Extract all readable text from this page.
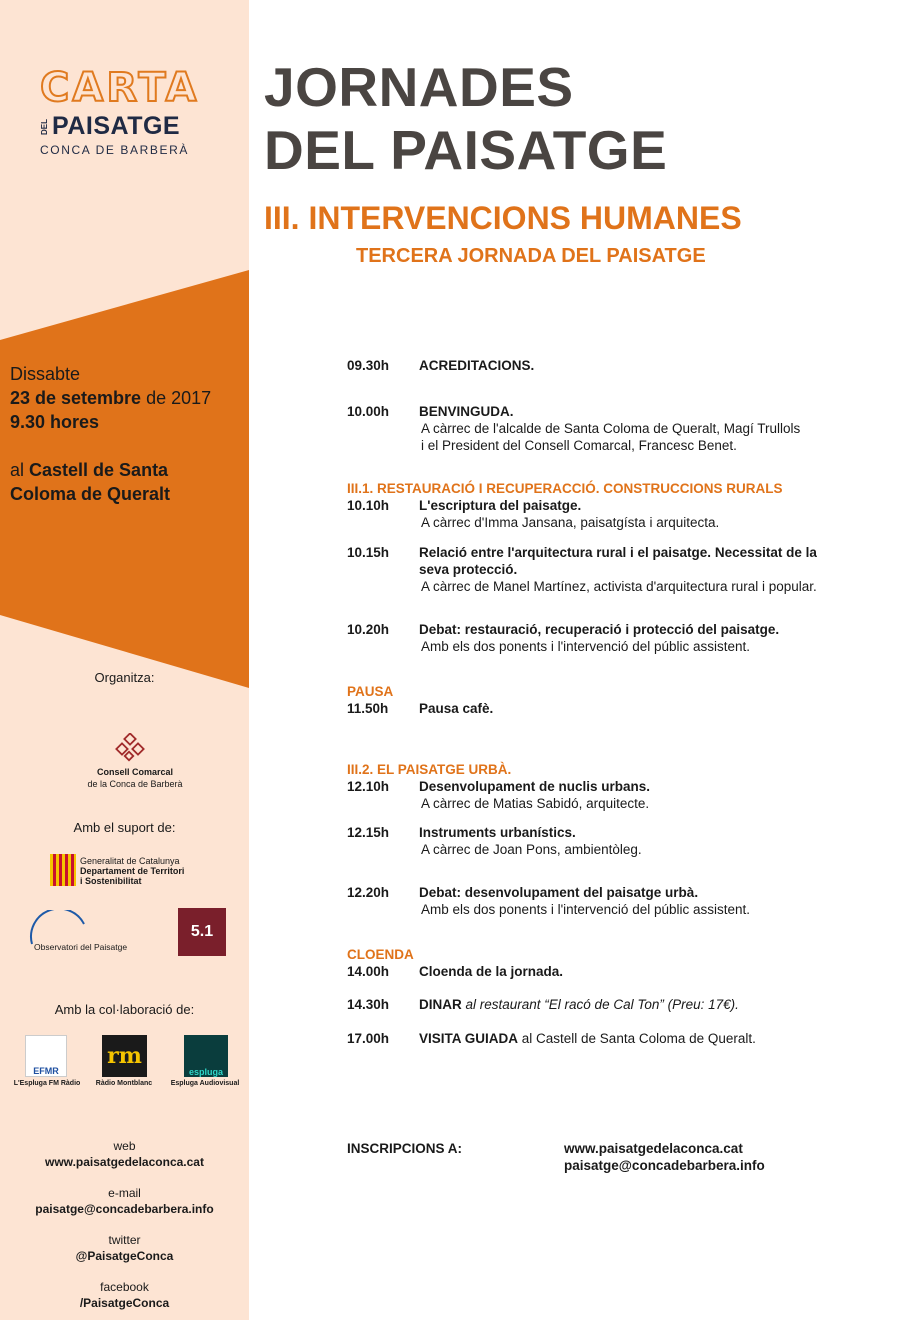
CARTA
DEL PAISATGE
CONCA DE BARBERÀ
Dissabte
23 de setembre de 2017
9.30 hores
al Castell de Santa
Coloma de Queralt
Organitza:
Consell Comarcal
de la Conca de Barberà
Amb el suport de:
Generalitat de Catalunya
Departament de Territori
i Sostenibilitat
Observatori del Paisatge
5.1
Amb la col·laboració de:
EFMR
rm
espluga
L'Espluga FM Ràdio	Ràdio Montblanc	Espluga Audiovisual
web
www.paisatgedelaconca.cat
e-mail
paisatge@concadebarbera.info
twitter
@PaisatgeConca
facebook
/PaisatgeConca
JORNADES
DEL PAISATGE
III. INTERVENCIONS HUMANES
TERCERA JORNADA DEL PAISATGE
09.30h ACREDITACIONS.
10.00h BENVINGUDA.
A càrrec de l'alcalde de Santa Coloma de Queralt, Magí Trullols
i el President del Consell Comarcal, Francesc Benet.
III.1. RESTAURACIÓ I RECUPERACCIÓ. CONSTRUCCIONS RURALS
10.10h L'escriptura del paisatge.
A càrrec d'Imma Jansana, paisatgísta i arquitecta.
10.15h Relació entre l'arquitectura rural i el paisatge. Necessitat de la
seva protecció.
A càrrec de Manel Martínez, activista d'arquitectura rural i popular.
10.20h Debat: restauració, recuperació i protecció del paisatge.
Amb els dos ponents i l'intervenció del públic assistent.
PAUSA
11.50h Pausa cafè.
III.2. EL PAISATGE URBÀ.
12.10h Desenvolupament de nuclis urbans.
A càrrec de Matias Sabidó, arquitecte.
12.15h Instruments urbanístics.
A càrrec de Joan Pons, ambientòleg.
12.20h Debat: desenvolupament del paisatge urbà.
Amb els dos ponents i l'intervenció del públic assistent.
CLOENDA
14.00h Cloenda de la jornada.
14.30h DINAR al restaurant “El racó de Cal Ton” (Preu: 17€).
17.00h VISITA GUIADA al Castell de Santa Coloma de Queralt.
INSCRIPCIONS A:	www.paisatgedelaconca.cat
paisatge@concadebarbera.info
